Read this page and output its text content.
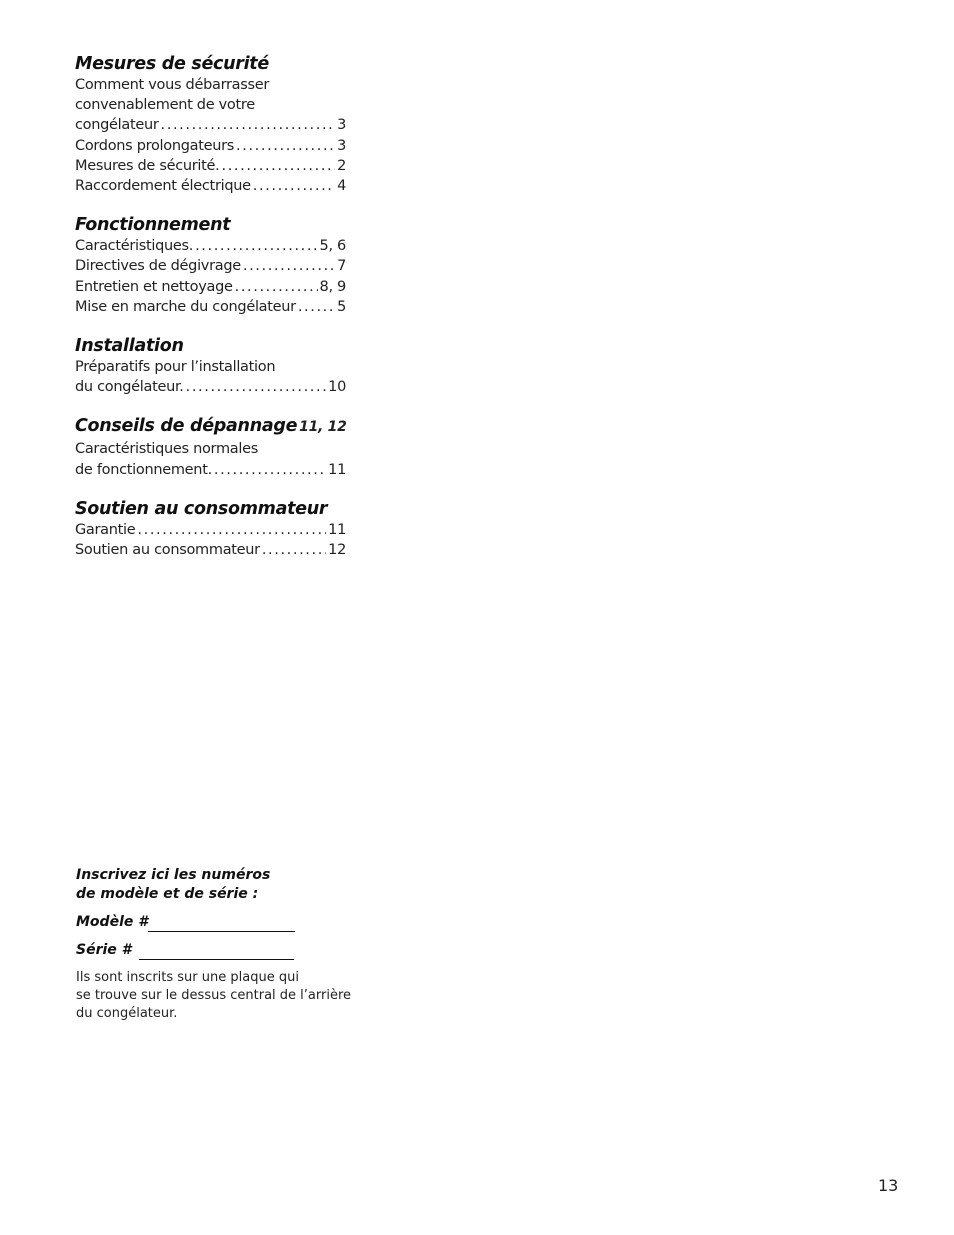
Mesures de sécurité
Comment vous débarrasser
convenablement de votre
congélateur .....	3
Cordons prolongateurs .....	3
Mesures de sécurité. .....	2
Raccordement électrique .....	4
Fonctionnement
Caractéristiques. .....	5, 6
Directives de dégivrage .....	7
Entretien et nettoyage .....	8, 9
Mise en marche du congélateur .....	5
Installation
Préparatifs pour l’installation
du congélateur. .....	10
Conseils de dépannage 11, 12
Caractéristiques normales
de fonctionnement. .....	11
Soutien au consommateur
Garantie .....	11
Soutien au consommateur .....	12
Inscrivez ici les numéros
de modèle et de série :
Modèle #
Série #
Ils sont inscrits sur une plaque qui
se trouve sur le dessus central de l’arrière
du congélateur.
13
